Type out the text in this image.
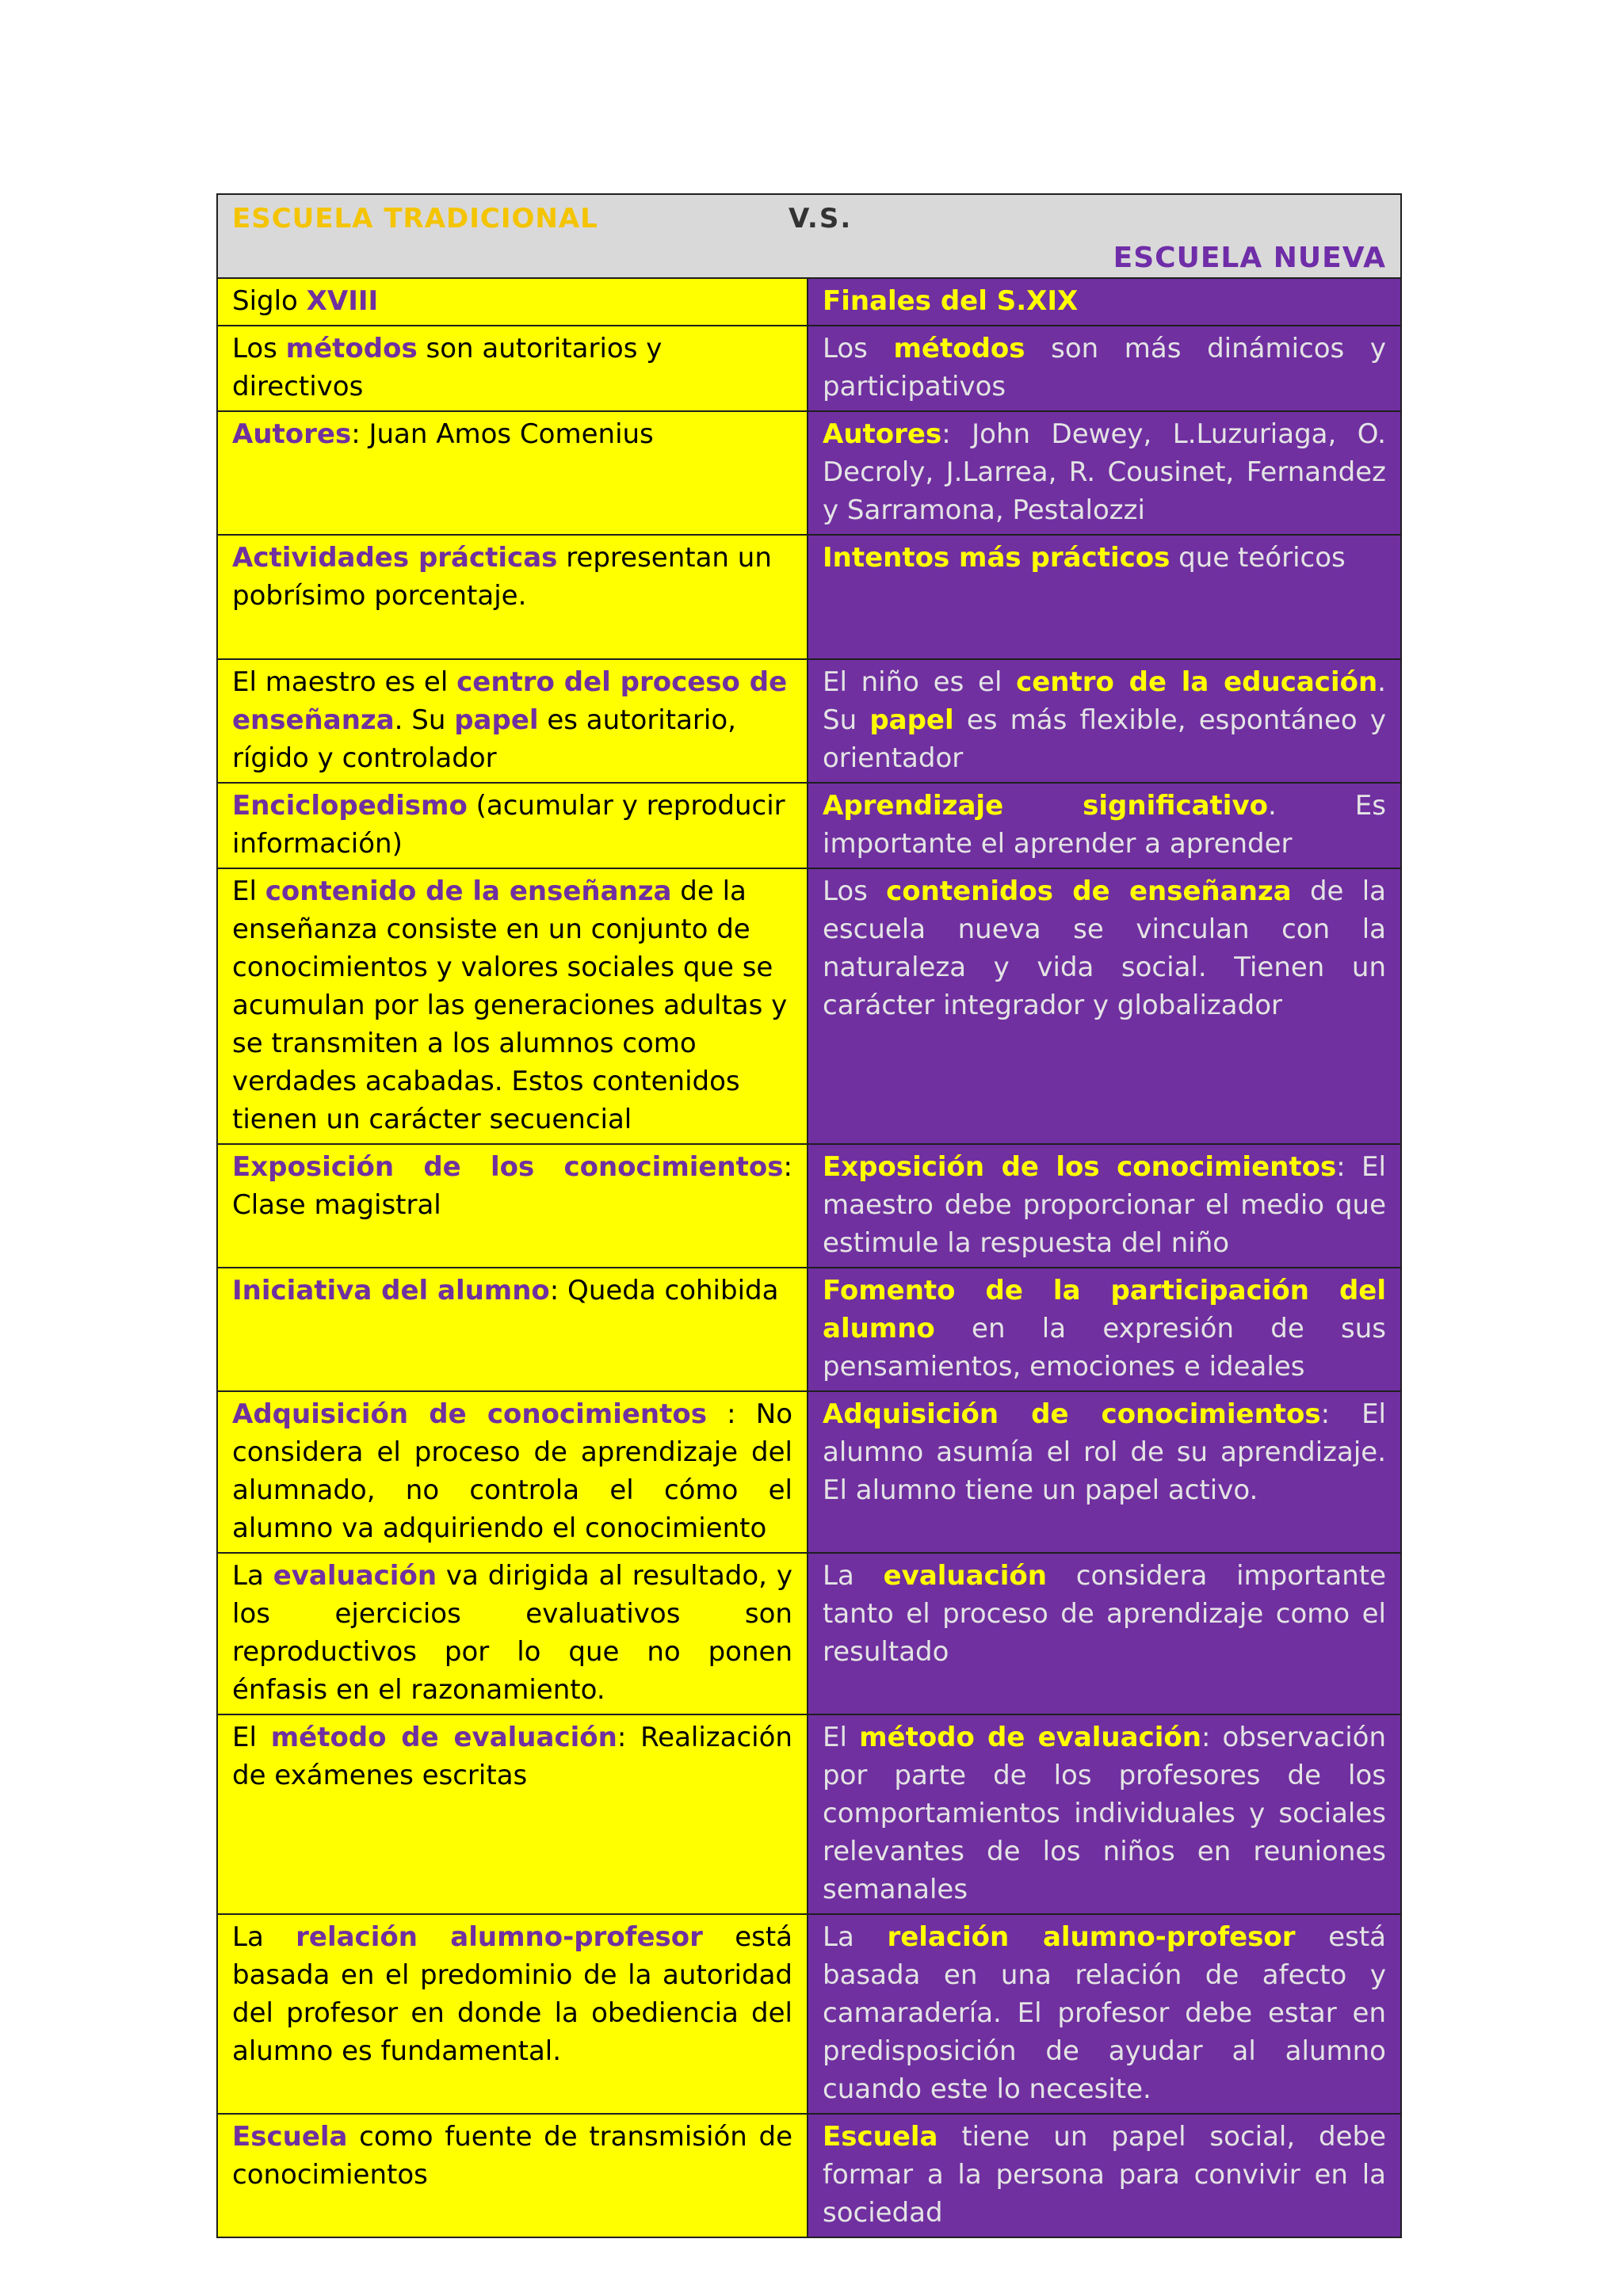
ESCUELA TRADICIONAL V.S.
ESCUELA NUEVA	

Siglo XVIII	Finales del S.XIX
Los métodos son autoritarios y directivos	Los métodos son más dinámicos y participativos
Autores: Juan Amos Comenius	Autores: John Dewey, L.Luzuriaga, O. Decroly, J.Larrea, R. Cousinet, Fernandez y Sarramona, Pestalozzi
Actividades prácticas representan un pobrísimo porcentaje.	Intentos más prácticos que teóricos
El maestro es el centro del proceso de enseñanza. Su papel es autoritario, rígido y controlador	El niño es el centro de la educación. Su papel es más flexible, espontáneo y orientador
Enciclopedismo (acumular y reproducir información)	Aprendizaje significativo. Es importante el aprender a aprender
El contenido de la enseñanza de la enseñanza consiste en un conjunto de conocimientos y valores sociales que se acumulan por las generaciones adultas y se transmiten a los alumnos como verdades acabadas. Estos contenidos tienen un carácter secuencial	Los contenidos de enseñanza de la escuela nueva se vinculan con la naturaleza y vida social. Tienen un carácter integrador y globalizador
Exposición de los conocimientos: Clase magistral	Exposición de los conocimientos: El maestro debe proporcionar el medio que estimule la respuesta del niño
Iniciativa del alumno: Queda cohibida	Fomento de la participación del alumno en la expresión de sus pensamientos, emociones e ideales
Adquisición de conocimientos : No considera el proceso de aprendizaje del alumnado, no controla el cómo el alumno va adquiriendo el conocimiento	Adquisición de conocimientos: El alumno asumía el rol de su aprendizaje. El alumno tiene un papel activo.
La evaluación va dirigida al resultado, y los ejercicios evaluativos son reproductivos por lo que no ponen énfasis en el razonamiento.	La evaluación considera importante tanto el proceso de aprendizaje como el resultado
El método de evaluación: Realización de exámenes escritas	El método de evaluación: observación por parte de los profesores de los comportamientos individuales y sociales relevantes de los niños en reuniones semanales
La relación alumno-profesor está basada en el predominio de la autoridad del profesor en donde la obediencia del alumno es fundamental.	La relación alumno-profesor está basada en una relación de afecto y camaradería. El profesor debe estar en predisposición de ayudar al alumno cuando este lo necesite.
Escuela como fuente de transmisión de conocimientos	Escuela tiene un papel social, debe formar a la persona para convivir en la sociedad
